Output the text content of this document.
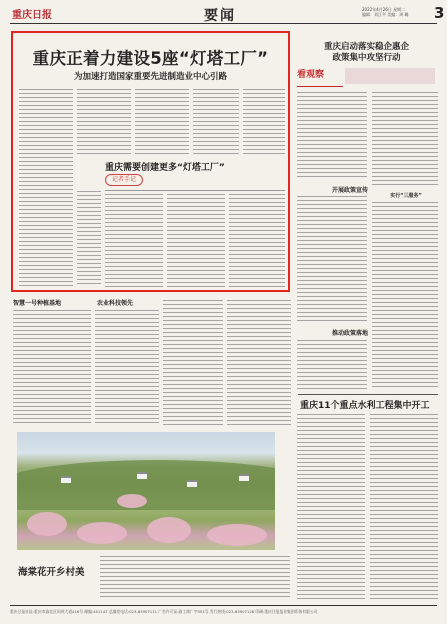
重庆日报	要闻	2022年4月26日 星期二
编辑：刘江平 美编：周 璐 3
重庆正着力建设5座“灯塔工厂”
为加速打造国家重要先进制造业中心引路
重庆需要创建更多“灯塔工厂”
记者手记
重庆启动落实稳企惠企
政策集中攻坚行动
看观察
开展政策宣传
实行“三服务”
推动政策落地
智慧一号种植基地	农业科技领先
重庆11个重点水利工程集中开工
海棠花开乡村美
重庆日报社址:重庆市渝北区同茂大道416号 邮编:401147 总编室电话:023-63907111 广告许可证:渝工商广字001号 发行热线:023-63907128 印刷:重庆日报报业集团印务有限公司
